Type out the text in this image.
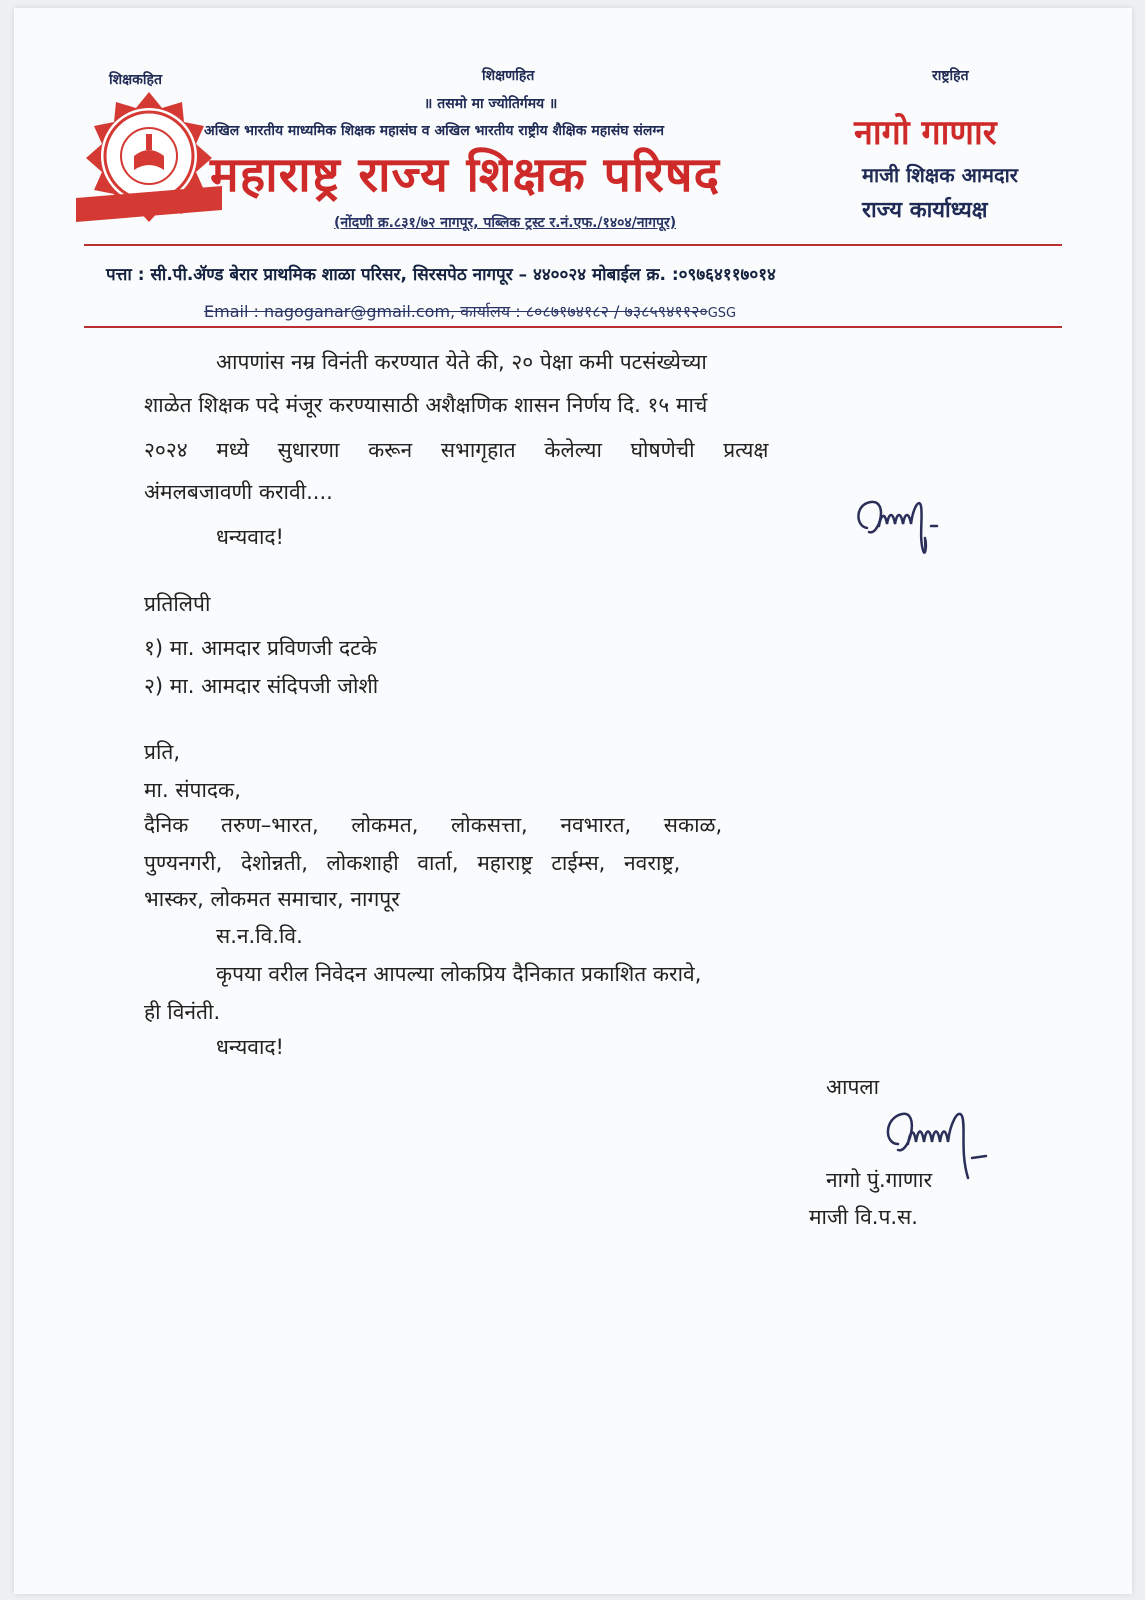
शिक्षकहित	शिक्षणहित	राष्ट्रहित
॥ तसमो मा ज्योतिर्गमय ॥
अखिल भारतीय माध्यमिक शिक्षक महासंघ व अखिल भारतीय राष्ट्रीय शैक्षिक महासंघ संलग्न
महाराष्ट्र राज्य शिक्षक परिषद
(नोंदणी क्र.८३१/७२ नागपूर, पब्लिक ट्रस्ट र.नं.एफ./१४०४/नागपूर)
नागो गाणार
माजी शिक्षक आमदार
राज्य कार्याध्यक्ष
पत्ता : सी.पी.ॲण्ड बेरार प्राथमिक शाळा परिसर, सिरसपेठ नागपूर – ४४००२४ मोबाईल क्र. :०९७६४११७०१४
Email : nagoganar@gmail.com, कार्यालय : ८०८७१७४१८२ / ७३८५९४११२०GSG
आपणांस नम्र विनंती करण्यात येते की, २० पेक्षा कमी पटसंख्येच्या
शाळेत शिक्षक पदे मंजूर करण्यासाठी अशैक्षणिक शासन निर्णय दि. १५ मार्च
२०२४ मध्ये सुधारणा करून सभागृहात केलेल्या घोषणेची प्रत्यक्ष
अंमलबजावणी करावी....
धन्यवाद!
प्रतिलिपी
१) मा. आमदार प्रविणजी दटके
२) मा. आमदार संदिपजी जोशी
प्रति,
मा. संपादक,
दैनिक तरुण–भारत, लोकमत, लोकसत्ता, नवभारत, सकाळ,
पुण्यनगरी, देशोन्नती, लोकशाही वार्ता, महाराष्ट्र टाईम्स, नवराष्ट्र,
भास्कर, लोकमत समाचार, नागपूर
स.न.वि.वि.
कृपया वरील निवेदन आपल्या लोकप्रिय दैनिकात प्रकाशित करावे,
ही विनंती.
धन्यवाद!
आपला
नागो पुं.गाणार
माजी वि.प.स.
